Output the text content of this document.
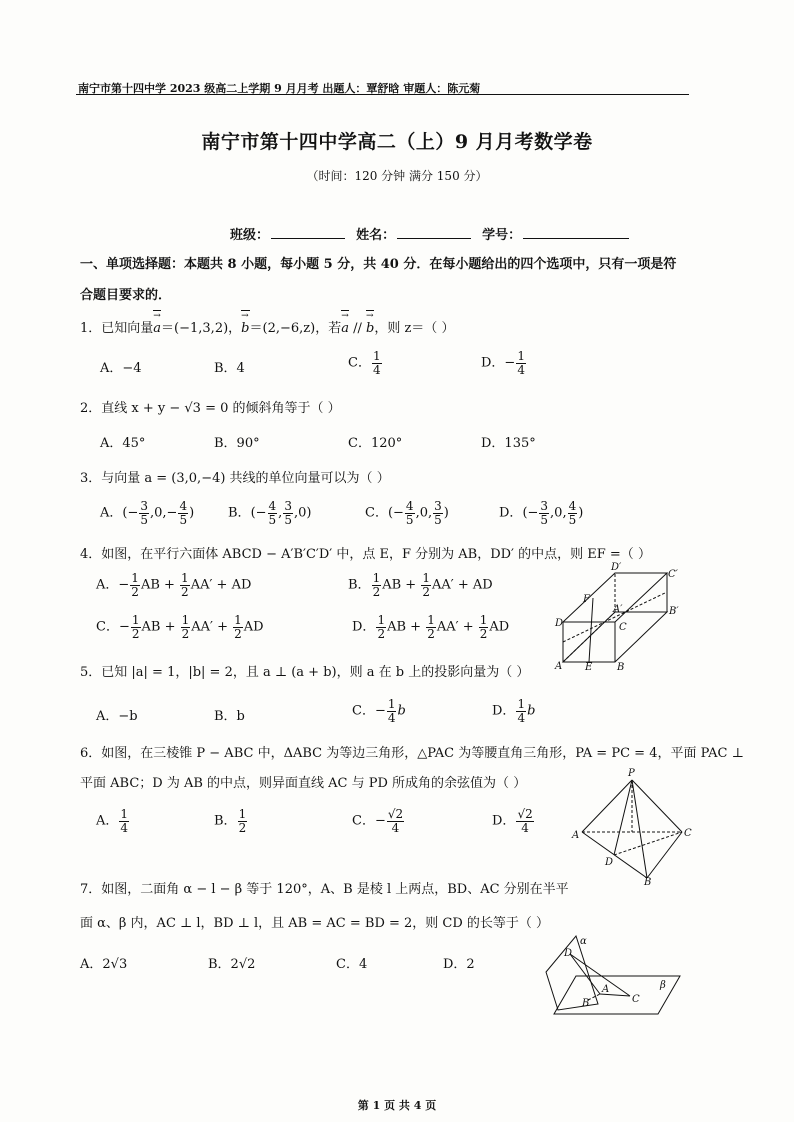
南宁市第十四中学 2023 级高二上学期 9 月月考 出题人：覃舒晗 审题人：陈元菊
南宁市第十四中学高二（上）9 月月考数学卷
（时间：120 分钟 满分 150 分）
班级：	姓名：	学号：
一、单项选择题：本题共 8 小题，每小题 5 分，共 40 分．在每小题给出的四个选项中，只有一项是符
合题目要求的．
1．已知向量a →＝(−1,3,2)，b →＝(2,−6,z)，若a → // b →，则 z＝（ ）
A．−4	B．4	C． $\frac{1}{4}$	D．− $\frac{1}{4}$
2．直线 x + y − √3 = 0 的倾斜角等于（ ）
A．45°	B．90°	C．120°	D．135°
3．与向量 a = (3,0,−4) 共线的单位向量可以为（ ）
A．(− $\frac{3}{5} ,0,- \frac{4}{5}$ )	B．(− $\frac{4}{5}$ , $\frac{3}{5} ,0$)	C．(− $\frac{4}{5} ,0$, $\frac{3}{5}$ )	D．(− $\frac{3}{5} ,0$, $\frac{4}{5}$ )
4．如图，在平行六面体 ABCD − A′B′C′D′ 中，点 E，F 分别为 AB，DD′ 的中点，则 EF =（ ）
A．− $\frac{1}{2}$ AB + $\frac{1}{2} AA'$ + AD	B． $\frac{1}{2}$ AB + $\frac{1}{2} AA'$ + AD
C．− $\frac{1}{2}$ AB + $\frac{1}{2} AA' + \frac{1}{2}$ AD	D． $\frac{1}{2}$ AB + $\frac{1}{2} AA' + \frac{1}{2}$ AD
A E B
D	C
B′
D′
C′
F
A′
5．已知 |a| = 1，|b| = 2，且 a ⊥ (a + b)，则 a 在 b 上的投影向量为（ ）
A．−b	B．b	C．− $\frac{1}{4}$ b	D． $\frac{1}{4}$ b
6．如图，在三棱锥 P − ABC 中，ΔABC 为等边三角形，△PAC 为等腰直角三角形，PA = PC = 4，平面 PAC ⊥
平面 ABC；D 为 AB 的中点，则异面直线 AC 与 PD 所成角的余弦值为（ ）
A． $\frac{1}{4}$	B． $\frac{1}{2}$	C．− $\frac{√2}{4}$	D． $\frac{√2}{4}$
P
A	C
D
B
7．如图，二面角 α − l − β 等于 120°，A、B 是棱 l 上两点，BD、AC 分别在半平
面 α、β 内，AC ⊥ l，BD ⊥ l，且 AB = AC = BD = 2，则 CD 的长等于（ ）
A．2√3	B．2√2	C．4	D．2
α
D
β
B
A
C
第 1 页 共 4 页
